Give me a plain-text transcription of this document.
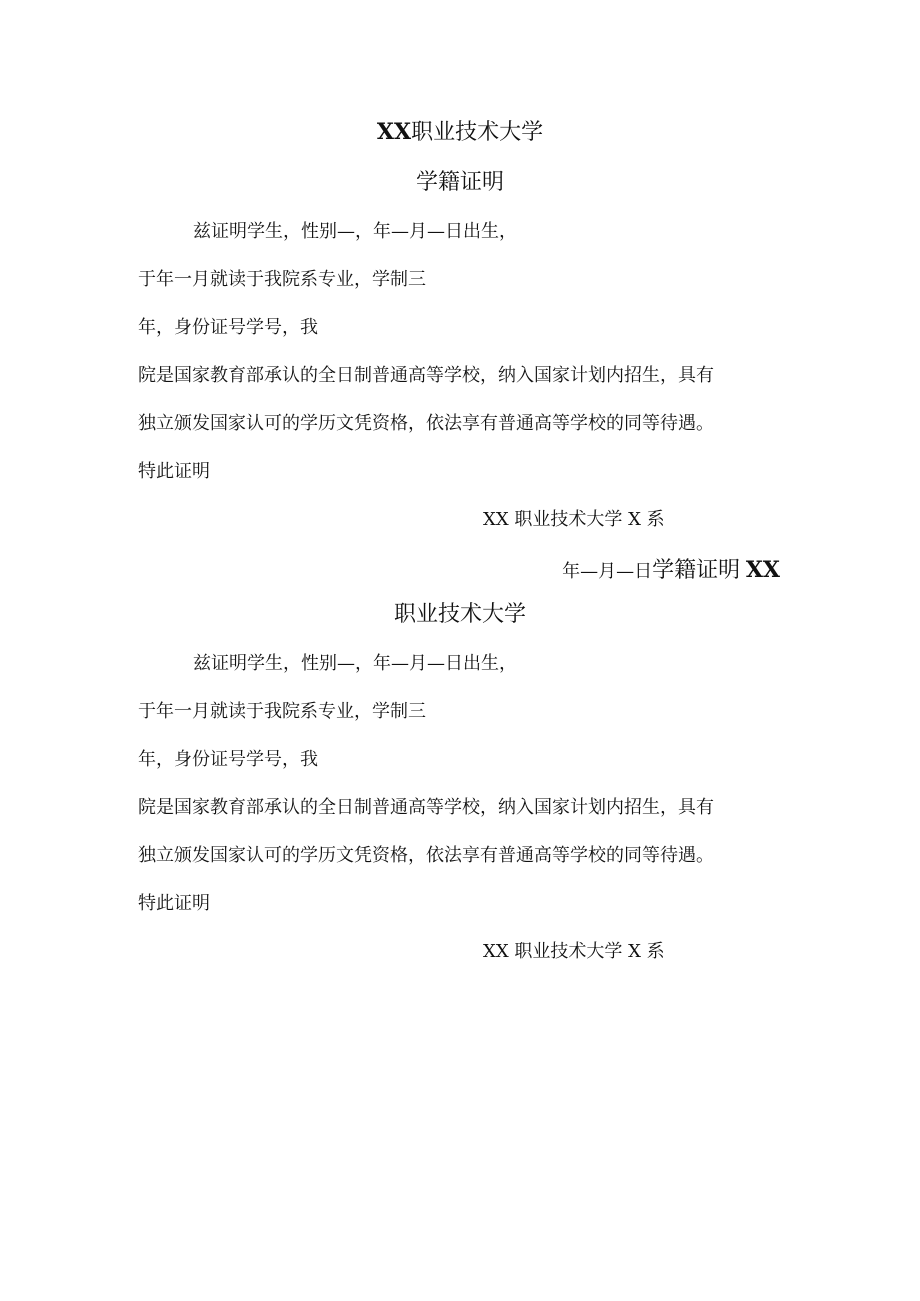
XX职业技术大学
学籍证明
兹证明学生，性别—，年—月—日出生，
于年一月就读于我院系专业，学制三
年，身份证号学号，我
院是国家教育部承认的全日制普通高等学校，纳入国家计划内招生，具有
独立颁发国家认可的学历文凭资格，依法享有普通高等学校的同等待遇。
特此证明
XX 职业技术大学 X 系
年—月—日学籍证明 XX
职业技术大学
兹证明学生，性别—，年—月—日出生，
于年一月就读于我院系专业，学制三
年，身份证号学号，我
院是国家教育部承认的全日制普通高等学校，纳入国家计划内招生，具有
独立颁发国家认可的学历文凭资格，依法享有普通高等学校的同等待遇。
特此证明
XX 职业技术大学 X 系
